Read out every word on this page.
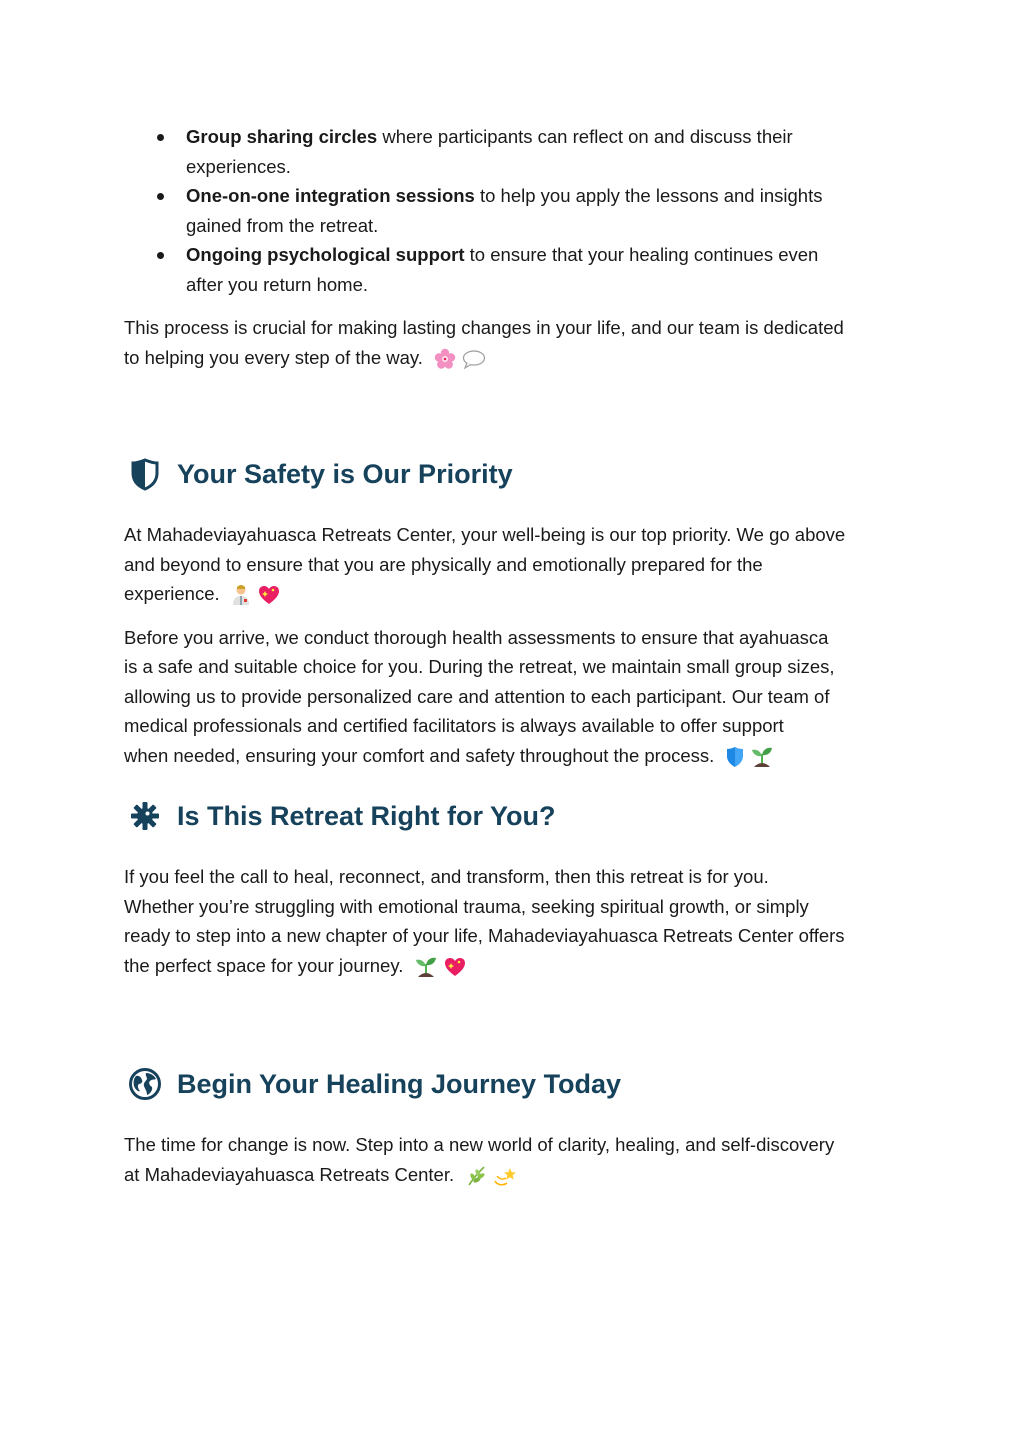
Group sharing circles where participants can reflect on and discuss their
experiences.
One-on-one integration sessions to help you apply the lessons and insights
gained from the retreat.
Ongoing psychological support to ensure that your healing continues even
after you return home.

This process is crucial for making lasting changes in your life, and our team is dedicated
to helping you every step of the way.

Your Safety is Our Priority

At Mahadeviayahuasca Retreats Center, your well-being is our top priority. We go above
and beyond to ensure that you are physically and emotionally prepared for the
experience.

Before you arrive, we conduct thorough health assessments to ensure that ayahuasca
is a safe and suitable choice for you. During the retreat, we maintain small group sizes,
allowing us to provide personalized care and attention to each participant. Our team of
medical professionals and certified facilitators is always available to offer support
when needed, ensuring your comfort and safety throughout the process.

Is This Retreat Right for You?

If you feel the call to heal, reconnect, and transform, then this retreat is for you.
Whether you’re struggling with emotional trauma, seeking spiritual growth, or simply
ready to step into a new chapter of your life, Mahadeviayahuasca Retreats Center offers
the perfect space for your journey.

Begin Your Healing Journey Today

The time for change is now. Step into a new world of clarity, healing, and self-discovery
at Mahadeviayahuasca Retreats Center.
